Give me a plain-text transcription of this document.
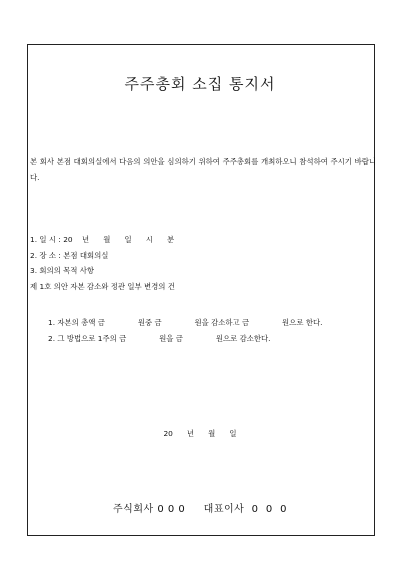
주주총회 소집 통지서
본 회사 본점 대회의실에서 다음의 의안을 심의하기 위하여 주주총회를 개최하오니 참석하여 주시기 바랍니다.
1. 일 시 : 20    년      월      일      시      분
2. 장 소 : 본점 대회의실
3. 회의의 목적 사항
제 1호 의안 자본 감소와 정관 일부 변경의 건
1. 자본의 총액 금              원중 금              원을 감소하고 금              원으로 한다.
2. 그 방법으로 1주의 금              원을 금              원으로 감소한다.
20      년      월      일
주식회사 0 0 0     대표이사  0  0  0
